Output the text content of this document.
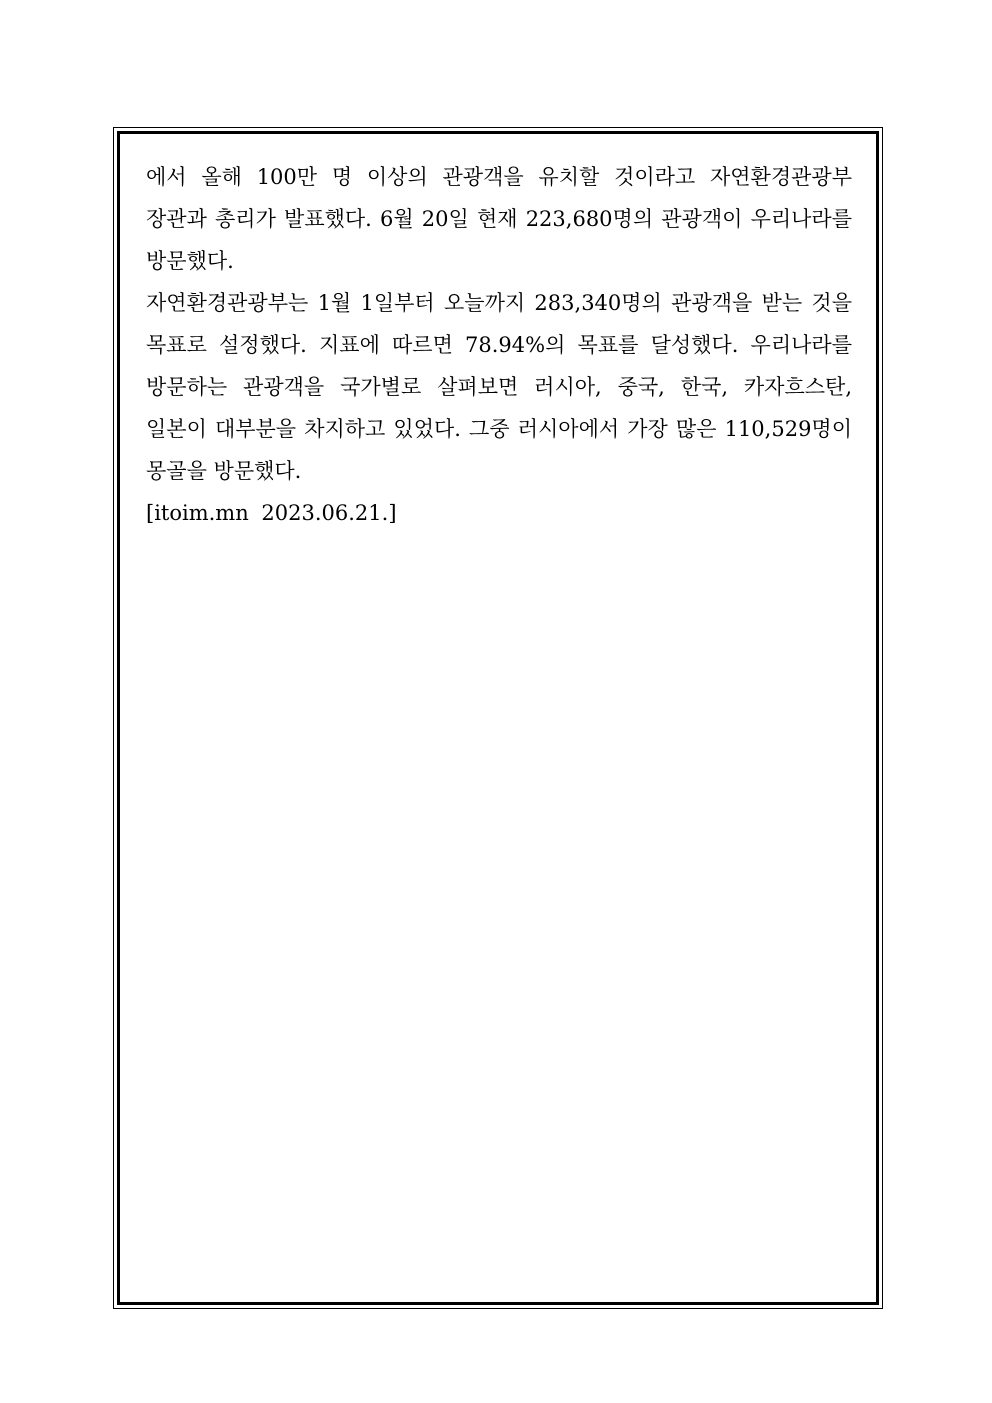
에서 올해 100만 명 이상의 관광객을 유치할 것이라고 자연환경관광부 장관과 총리가 발표했다. 6월 20일 현재 223,680명의 관광객이 우리나라를 방문했다.

자연환경관광부는 1월 1일부터 오늘까지 283,340명의 관광객을 받는 것을 목표로 설정했다. 지표에 따르면 78.94%의 목표를 달성했다. 우리나라를 방문하는 관광객을 국가별로 살펴보면 러시아, 중국, 한국, 카자흐스탄, 일본이 대부분을 차지하고 있었다. 그중 러시아에서 가장 많은 110,529명이 몽골을 방문했다.

[itoim.mn 2023.06.21.]
